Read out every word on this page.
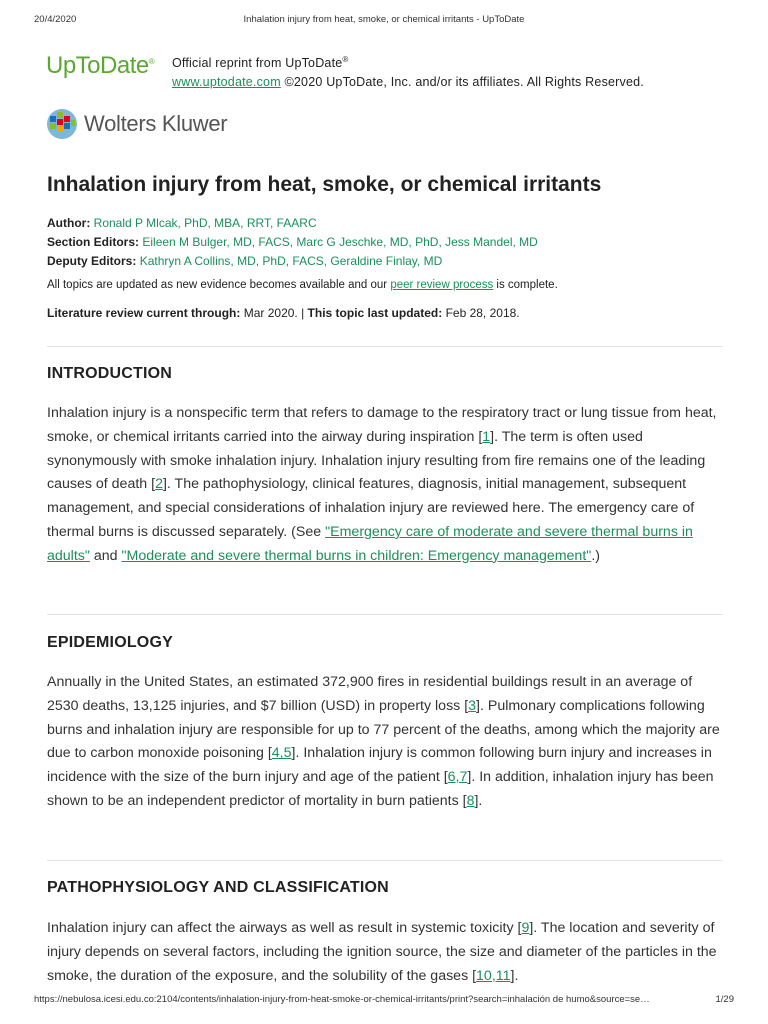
20/4/2020	Inhalation injury from heat, smoke, or chemical irritants - UpToDate
UpToDate® Official reprint from UpToDate®
www.uptodate.com ©2020 UpToDate, Inc. and/or its affiliates. All Rights Reserved.
Wolters Kluwer
Inhalation injury from heat, smoke, or chemical irritants
Author: Ronald P Mlcak, PhD, MBA, RRT, FAARC
Section Editors: Eileen M Bulger, MD, FACS, Marc G Jeschke, MD, PhD, Jess Mandel, MD
Deputy Editors: Kathryn A Collins, MD, PhD, FACS, Geraldine Finlay, MD
All topics are updated as new evidence becomes available and our peer review process is complete.
Literature review current through: Mar 2020. | This topic last updated: Feb 28, 2018.
INTRODUCTION

Inhalation injury is a nonspecific term that refers to damage to the respiratory tract or lung tissue from heat, smoke, or chemical irritants carried into the airway during inspiration [1]. The term is often used synonymously with smoke inhalation injury. Inhalation injury resulting from fire remains one of the leading causes of death [2]. The pathophysiology, clinical features, diagnosis, initial management, subsequent management, and special considerations of inhalation injury are reviewed here. The emergency care of thermal burns is discussed separately. (See "Emergency care of moderate and severe thermal burns in adults" and "Moderate and severe thermal burns in children: Emergency management".)

EPIDEMIOLOGY

Annually in the United States, an estimated 372,900 fires in residential buildings result in an average of 2530 deaths, 13,125 injuries, and $7 billion (USD) in property loss [3]. Pulmonary complications following burns and inhalation injury are responsible for up to 77 percent of the deaths, among which the majority are due to carbon monoxide poisoning [4,5]. Inhalation injury is common following burn injury and increases in incidence with the size of the burn injury and age of the patient [6,7]. In addition, inhalation injury has been shown to be an independent predictor of mortality in burn patients [8].

PATHOPHYSIOLOGY AND CLASSIFICATION

Inhalation injury can affect the airways as well as result in systemic toxicity [9]. The location and severity of injury depends on several factors, including the ignition source, the size and diameter of the particles in the smoke, the duration of the exposure, and the solubility of the gases [10,11].

https://nebulosa.icesi.edu.co:2104/contents/inhalation-injury-from-heat-smoke-or-chemical-irritants/print?search=inhalación de humo&source=se…	1/29
